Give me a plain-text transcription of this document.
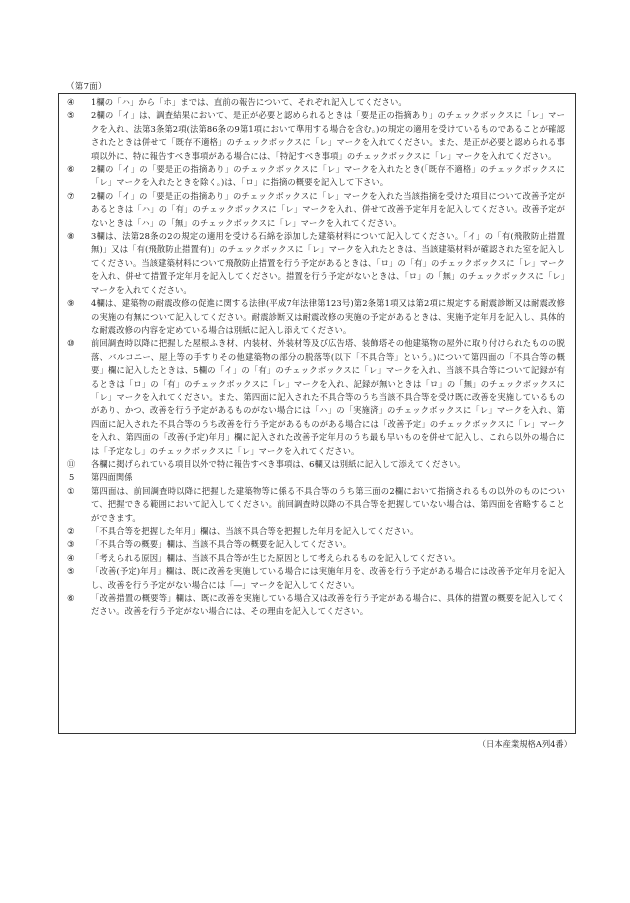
（第7面）
④	1欄の「ハ」から「ホ」までは、直前の報告について、それぞれ記入してください。
⑤	2欄の「イ」は、調査結果において、是正が必要と認められるときは「要是正の指摘あり」のチェックボックスに「レ」マークを入れ、法第3条第2項(法第86条の9第1項において準用する場合を含む。)の規定の適用を受けているものであることが確認されたときは併せて「既存不適格」のチェックボックスに「レ」マークを入れてください。また、是正が必要と認められる事項以外に、特に報告すべき事項がある場合には、「特記すべき事項」のチェックボックスに「レ」マークを入れてください。
⑥	2欄の「イ」の「要是正の指摘あり」のチェックボックスに「レ」マークを入れたとき(「既存不適格」のチェックボックスに「レ」マークを入れたときを除く。)は、「ロ」に指摘の概要を記入して下さい。
⑦	2欄の「イ」の「要是正の指摘あり」のチェックボックスに「レ」マークを入れた当該指摘を受けた項目について改善予定があるときは「ハ」の「有」のチェックボックスに「レ」マークを入れ、併せて改善予定年月を記入してください。改善予定がないときは「ハ」の「無」のチェックボックスに「レ」マークを入れてください。
⑧	3欄は、法第28条の2の規定の適用を受ける石綿を添加した建築材料について記入してください。「イ」の「有(飛散防止措置無)」又は「有(飛散防止措置有)」のチェックボックスに「レ」マークを入れたときは、当該建築材料が確認された室を記入してください。当該建築材料について飛散防止措置を行う予定があるときは、「ロ」の「有」のチェックボックスに「レ」マークを入れ、併せて措置予定年月を記入してください。措置を行う予定がないときは、「ロ」の「無」のチェックボックスに「レ」マークを入れてください。
⑨	4欄は、建築物の耐震改修の促進に関する法律(平成7年法律第123号)第2条第1項又は第2項に規定する耐震診断又は耐震改修の実施の有無について記入してください。耐震診断又は耐震改修の実施の予定があるときは、実施予定年月を記入し、具体的な耐震改修の内容を定めている場合は別紙に記入し添えてください。
⑩	前回調査時以降に把握した屋根ふき材、内装材、外装材等及び広告塔、装飾塔その他建築物の屋外に取り付けられたものの脱落、バルコニー、屋上等の手すりその他建築物の部分の脱落等(以下「不具合等」という。)について第四面の「不具合等の概要」欄に記入したときは、5欄の「イ」の「有」のチェックボックスに「レ」マークを入れ、当該不具合等について記録が有るときは「ロ」の「有」のチェックボックスに「レ」マークを入れ、記録が無いときは「ロ」の「無」のチェックボックスに「レ」マークを入れてください。また、第四面に記入された不具合等のうち当該不具合等を受け既に改善を実施しているものがあり、かつ、改善を行う予定があるものがない場合には「ハ」の「実施済」のチェックボックスに「レ」マークを入れ、第四面に記入された不具合等のうち改善を行う予定があるものがある場合には「改善予定」のチェックボックスに「レ」マークを入れ、第四面の「改善(予定)年月」欄に記入された改善予定年月のうち最も早いものを併せて記入し、これら以外の場合には「予定なし」のチェックボックスに「レ」マークを入れてください。
⑪	各欄に掲げられている項目以外で特に報告すべき事項は、6欄又は別紙に記入して添えてください。
5 第四面関係
①	第四面は、前回調査時以降に把握した建築物等に係る不具合等のうち第三面の2欄において指摘されるもの以外のものについて、把握できる範囲において記入してください。前回調査時以降の不具合等を把握していない場合は、第四面を省略することができます。
②	「不具合等を把握した年月」欄は、当該不具合等を把握した年月を記入してください。
③	「不具合等の概要」欄は、当該不具合等の概要を記入してください。
④	「考えられる原因」欄は、当該不具合等が生じた原因として考えられるものを記入してください。
⑤	「改善(予定)年月」欄は、既に改善を実施している場合には実施年月を、改善を行う予定がある場合には改善予定年月を記入し、改善を行う予定がない場合には「―」マークを記入してください。
⑥	「改善措置の概要等」欄は、既に改善を実施している場合又は改善を行う予定がある場合に、具体的措置の概要を記入してください。改善を行う予定がない場合には、その理由を記入してください。
（日本産業規格A列4番）
